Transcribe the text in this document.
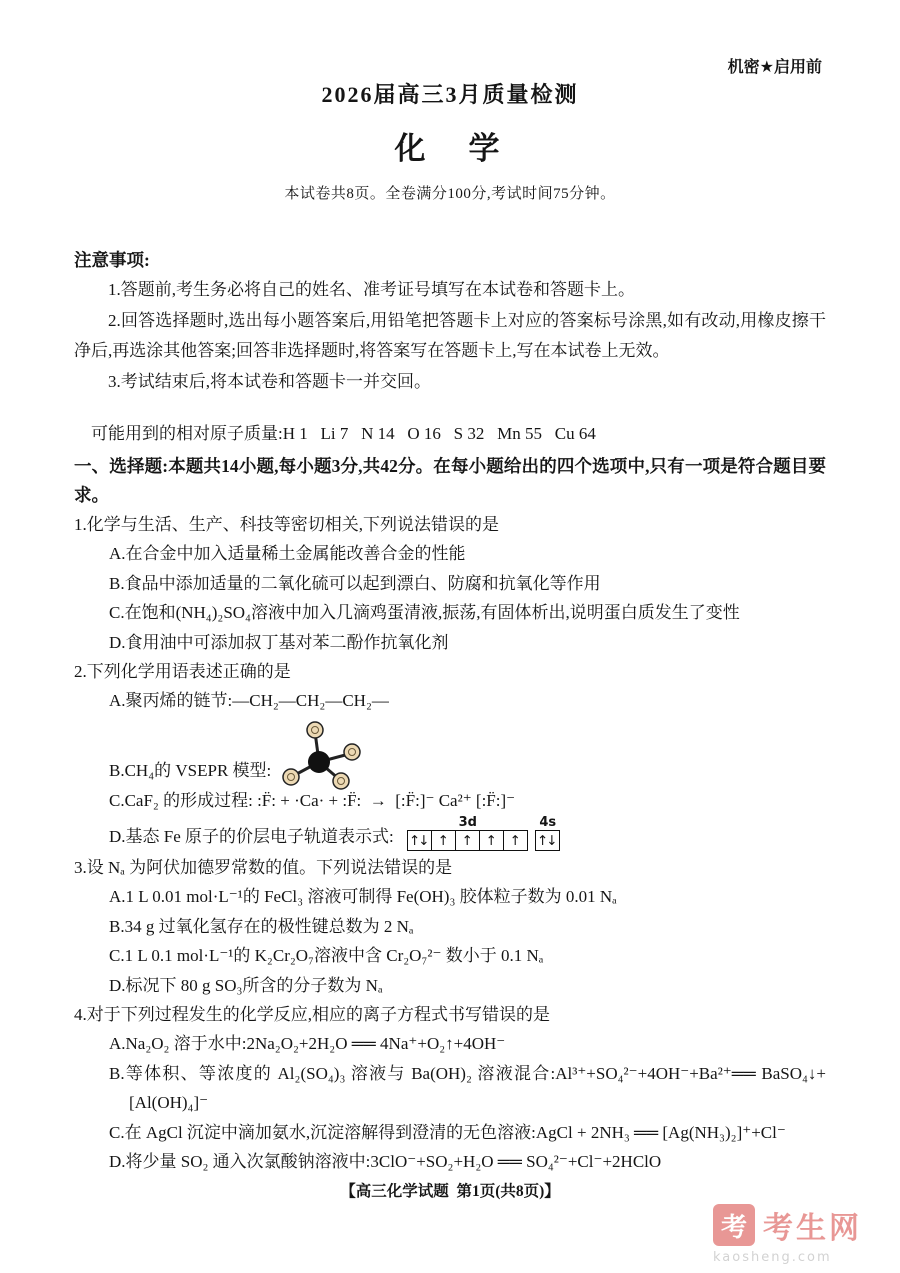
机密★启用前
2026届高三3月质量检测
化　学
本试卷共8页。全卷满分100分,考试时间75分钟。
注意事项:

1.答题前,考生务必将自己的姓名、准考证号填写在本试卷和答题卡上。

2.回答选择题时,选出每小题答案后,用铅笔把答题卡上对应的答案标号涂黑,如有改动,用橡皮擦干净后,再选涂其他答案;回答非选择题时,将答案写在答题卡上,写在本试卷上无效。

3.考试结束后,将本试卷和答题卡一并交回。

可能用到的相对原子质量:H 1   Li 7   N 14   O 16   S 32   Mn 55   Cu 64
一、选择题:本题共14小题,每小题3分,共42分。在每小题给出的四个选项中,只有一项是符合题目要求。
1.化学与生活、生产、科技等密切相关,下列说法错误的是
A.在合金中加入适量稀土金属能改善合金的性能
B.食品中添加适量的二氧化硫可以起到漂白、防腐和抗氧化等作用
C.在饱和(NH₄)₂SO₄溶液中加入几滴鸡蛋清液,振荡,有固体析出,说明蛋白质发生了变性
D.食用油中可添加叔丁基对苯二酚作抗氧化剂
2.下列化学用语表述正确的是
A.聚丙烯的链节:—CH₂—CH₂—CH₂—
B.CH₄的 VSEPR 模型:
C.CaF₂ 的形成过程: :F̈: + ·Ca· + :F̈:  →  [:F̈:]⁻ Ca²⁺ [:F̈:]⁻
D.基态 Fe 原子的价层电子轨道表示式:
3d
↑↓ ↑	↑	↑	↑
4s
↑↓
3.设 Nₐ 为阿伏加德罗常数的值。下列说法错误的是
A.1 L 0.01 mol·L⁻¹的 FeCl₃ 溶液可制得 Fe(OH)₃ 胶体粒子数为 0.01 Nₐ
B.34 g 过氧化氢存在的极性键总数为 2 Nₐ
C.1 L 0.1 mol·L⁻¹的 K₂Cr₂O₇溶液中含 Cr₂O₇²⁻ 数小于 0.1 Nₐ
D.标况下 80 g SO₃所含的分子数为 Nₐ
4.对于下列过程发生的化学反应,相应的离子方程式书写错误的是
A.Na₂O₂ 溶于水中:2Na₂O₂+2H₂O ══ 4Na⁺+O₂↑+4OH⁻
B.等体积、等浓度的 Al₂(SO₄)₃ 溶液与 Ba(OH)₂ 溶液混合:Al³⁺+SO₄²⁻+4OH⁻+Ba²⁺══ BaSO₄↓+[Al(OH)₄]⁻
C.在 AgCl 沉淀中滴加氨水,沉淀溶解得到澄清的无色溶液:AgCl + 2NH₃ ══ [Ag(NH₃)₂]⁺+Cl⁻
D.将少量 SO₂ 通入次氯酸钠溶液中:3ClO⁻+SO₂+H₂O ══ SO₄²⁻+Cl⁻+2HClO
【高三化学试题  第1页(共8页)】
考 考生网
kaosheng.com
